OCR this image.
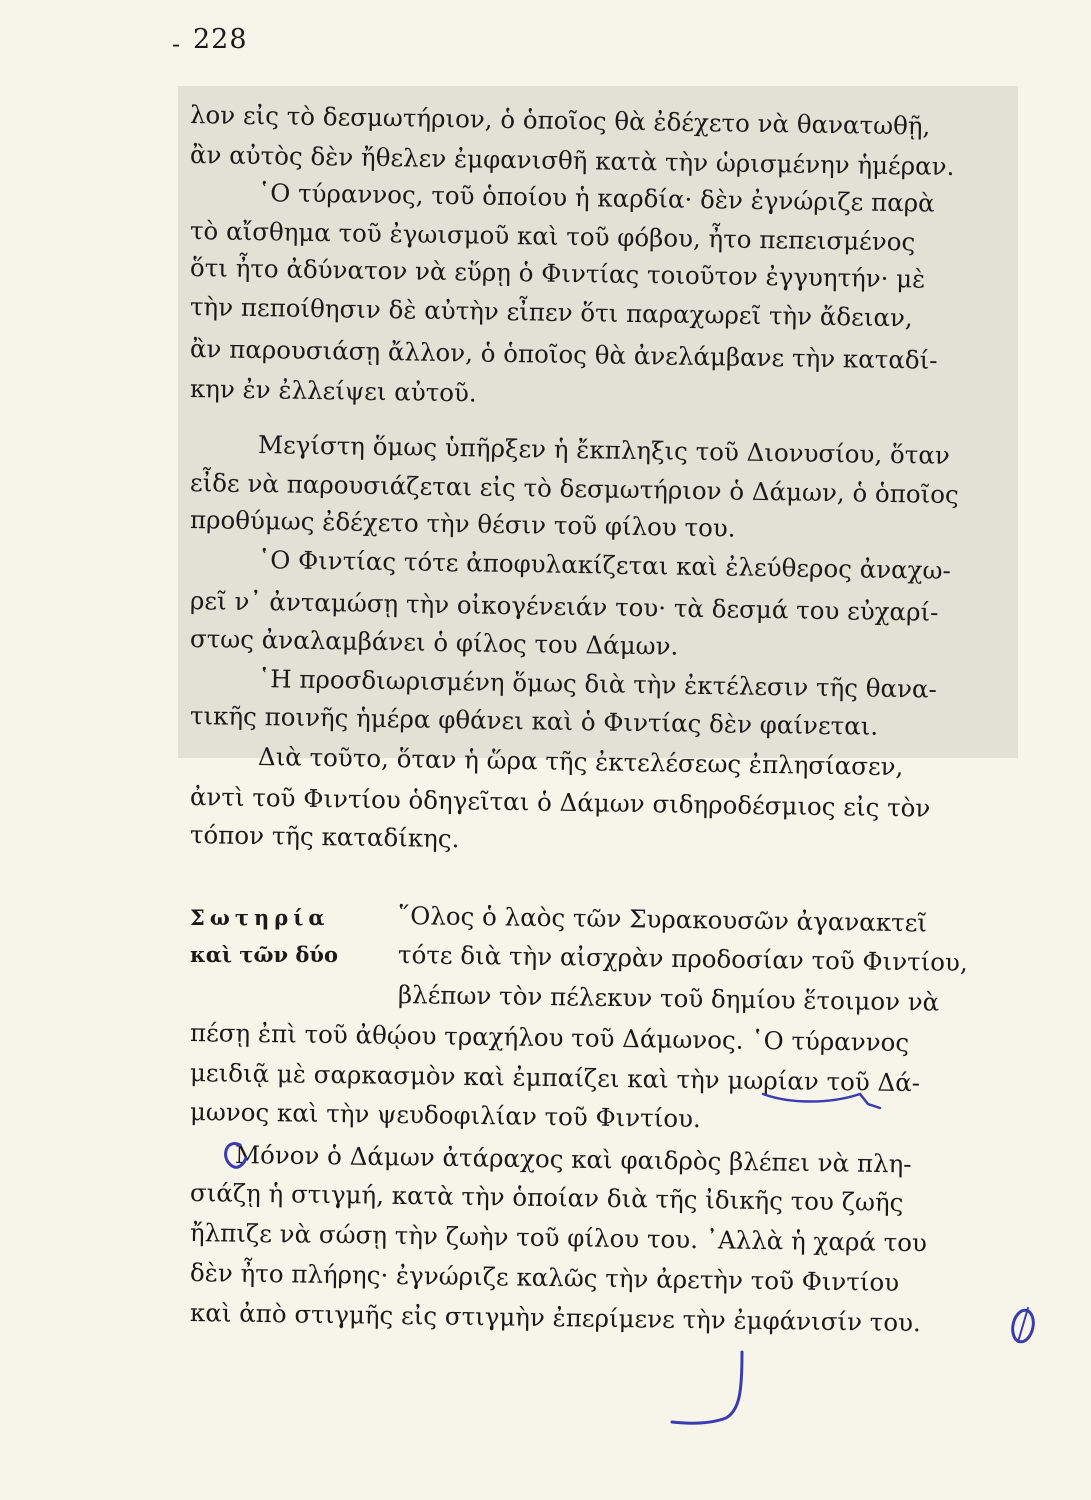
- 228

λον εἰς τὸ δεσμωτήριον, ὁ ὁποῖος θὰ ἐδέχετο νὰ θανατωθῇ,

ἂν αὐτὸς δὲν ἤθελεν ἐμφανισθῆ κατὰ τὴν ὡρισμένην ἡμέραν.

῾Ο τύραννος, τοῦ ὁποίου ἡ καρδία· δὲν ἐγνώριζε παρὰ

τὸ αἴσθημα τοῦ ἐγωισμοῦ καὶ τοῦ φόβου, ἦτο πεπεισμένος

ὅτι ἦτο ἀδύνατον νὰ εὕρῃ ὁ Φιντίας τοιοῦτον ἐγγυητήν· μὲ

τὴν πεποίθησιν δὲ αὐτὴν εἶπεν ὅτι παραχωρεῖ τὴν ἄδειαν,

ἂν παρουσιάσῃ ἄλλον, ὁ ὁποῖος θὰ ἀνελάμβανε τὴν καταδί-

κην ἐν ἐλλείψει αὐτοῦ.

Μεγίστη ὅμως ὑπῆρξεν ἡ ἔκπληξις τοῦ Διονυσίου, ὅταν

εἶδε νὰ παρουσιάζεται εἰς τὸ δεσμωτήριον ὁ Δάμων, ὁ ὁποῖος

προθύμως ἐδέχετο τὴν θέσιν τοῦ φίλου του.

῾Ο Φιντίας τότε ἀποφυλακίζεται καὶ ἐλεύθερος ἀναχω-

ρεῖ ν᾿ ἀνταμώσῃ τὴν οἰκογένειάν του· τὰ δεσμά του εὐχαρί-

στως ἀναλαμβάνει ὁ φίλος του Δάμων.

῾Η προσδιωρισμένη ὅμως διὰ τὴν ἐκτέλεσιν τῆς θανα-

τικῆς ποινῆς ἡμέρα φθάνει καὶ ὁ Φιντίας δὲν φαίνεται.

Διὰ τοῦτο, ὅταν ἡ ὥρα τῆς ἐκτελέσεως ἐπλησίασεν,

ἀντὶ τοῦ Φιντίου ὁδηγεῖται ὁ Δάμων σιδηροδέσμιος εἰς τὸν

τόπον τῆς καταδίκης.

Σωτηρία
καὶ τῶν δύο

῞Ολος ὁ λαὸς τῶν Συρακουσῶν ἀγανακτεῖ

τότε διὰ τὴν αἰσχρὰν προδοσίαν τοῦ Φιντίου,

βλέπων τὸν πέλεκυν τοῦ δημίου ἕτοιμον νὰ

πέσῃ ἐπὶ τοῦ ἀθῴου τραχήλου τοῦ Δάμωνος. ῾Ο τύραννος

μειδιᾷ μὲ σαρκασμὸν καὶ ἐμπαίζει καὶ τὴν μωρίαν τοῦ Δά-

μωνος καὶ τὴν ψευδοφιλίαν τοῦ Φιντίου.

Μόνον ὁ Δάμων ἀτάραχος καὶ φαιδρὸς βλέπει νὰ πλη-

σιάζῃ ἡ στιγμή, κατὰ τὴν ὁποίαν διὰ τῆς ἰδικῆς του ζωῆς

ἤλπιζε νὰ σώσῃ τὴν ζωὴν τοῦ φίλου του. ᾿Αλλὰ ἡ χαρά του

δὲν ἦτο πλήρης· ἐγνώριζε καλῶς τὴν ἀρετὴν τοῦ Φιντίου

καὶ ἀπὸ στιγμῆς εἰς στιγμὴν ἐπερίμενε τὴν ἐμφάνισίν του.
